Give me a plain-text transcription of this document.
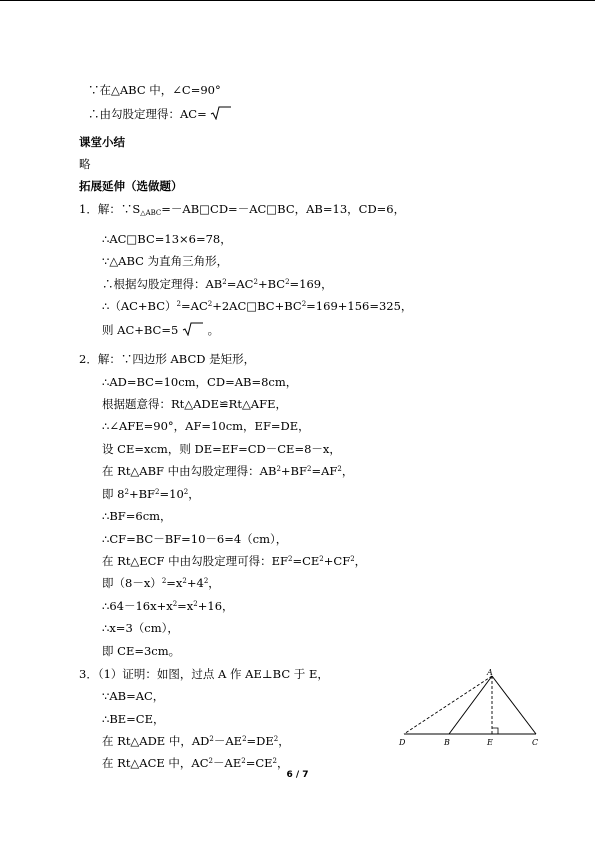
∵在△ABC 中，∠C=90°
∴由勾股定理得：AC=
课堂小结
略
拓展延伸（选做题）
1．解：$\because S_{\triangle ABC}=-AB□CD=-AC□BC$，AB=13，CD=6，
∴AC□BC=13×6=78，
∵△ABC 为直角三角形，
∴根据勾股定理得：$AB^2=AC^2+BC^2=169$，
$\therefore(AC+BC)^2=AC^2+2AC□BC+BC^2=169+156=325$，
则 AC+BC=5	。
2．解：∵四边形 ABCD 是矩形，
∴AD=BC=10cm，CD=AB=8cm，
根据题意得：Rt△ADE≌Rt△AFE，
∴∠AFE=90°，AF=10cm，EF=DE，
设 CE=xcm，则 DE=EF=CD－CE=8－x，
在 Rt△ABF 中由勾股定理得：$AB^2+BF^2=AF^2$，
即 $8^2+BF^2=10^2$，
∴BF=6cm，
∴CF=BC－BF=10－6=4（cm），
在 Rt△ECF 中由勾股定理可得：$EF^2=CE^2+CF^2$，
即$(8-x)^2=x^2+4^2$，
$\therefore 64-16x+x^2=x^2+16$，
∴x=3（cm），
即 CE=3cm。
3．（1）证明：如图，过点 A 作 AE⊥BC 于 E，
∵AB=AC，
∴BE=CE，
在 Rt△ADE 中，$AD^2-AE^2=DE^2$，
在 Rt△ACE 中，$AC^2-AE^2=CE^2$，
A
D	B	E	C
6 / 7
